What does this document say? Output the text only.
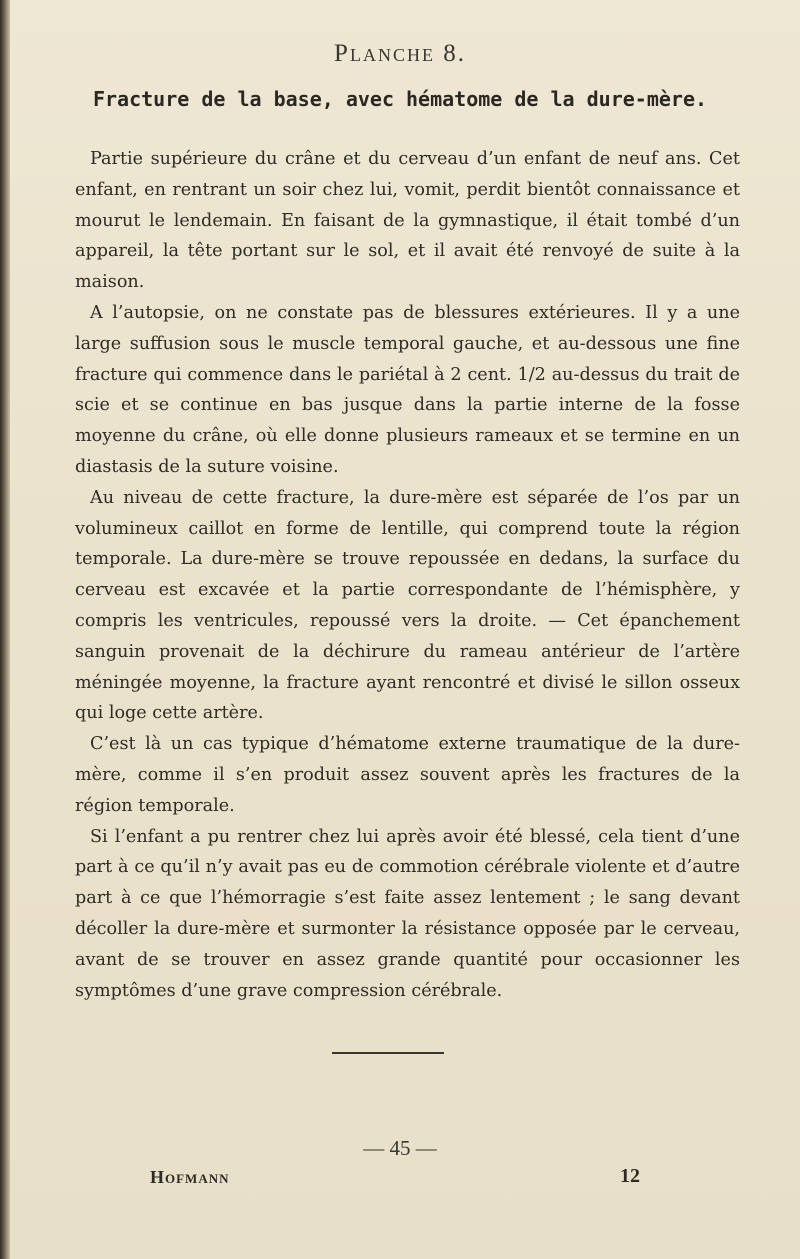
Planche 8.
Fracture de la base, avec hématome de la dure-mère.

Partie supérieure du crâne et du cerveau d’un enfant de neuf ans. Cet enfant, en rentrant un soir chez lui, vomit, perdit bientôt connaissance et mourut le lendemain. En faisant de la gymnastique, il était tombé d’un appareil, la tête portant sur le sol, et il avait été renvoyé de suite à la maison.

A l’autopsie, on ne constate pas de blessures extérieures. Il y a une large suffusion sous le muscle temporal gauche, et au-dessous une fine fracture qui commence dans le pariétal à 2 cent. 1/2 au-dessus du trait de scie et se continue en bas jusque dans la partie interne de la fosse moyenne du crâne, où elle donne plusieurs rameaux et se termine en un diastasis de la suture voisine.

Au niveau de cette fracture, la dure-mère est séparée de l’os par un volumineux caillot en forme de lentille, qui comprend toute la région temporale. La dure-mère se trouve repoussée en dedans, la surface du cerveau est excavée et la partie correspondante de l’hémisphère, y compris les ventricules, repoussé vers la droite. — Cet épanchement sanguin provenait de la déchirure du rameau antérieur de l’artère méningée moyenne, la fracture ayant rencontré et divisé le sillon osseux qui loge cette artère.

C’est là un cas typique d’hématome externe traumatique de la dure-mère, comme il s’en produit assez souvent après les fractures de la région temporale.

Si l’enfant a pu rentrer chez lui après avoir été blessé, cela tient d’une part à ce qu’il n’y avait pas eu de commotion cérébrale violente et d’autre part à ce que l’hémorragie s’est faite assez lentement ; le sang devant décoller la dure-mère et surmonter la résistance opposée par le cerveau, avant de se trouver en assez grande quantité pour occasionner les symptômes d’une grave compression cérébrale.

— 45 —
Hofmann	12
